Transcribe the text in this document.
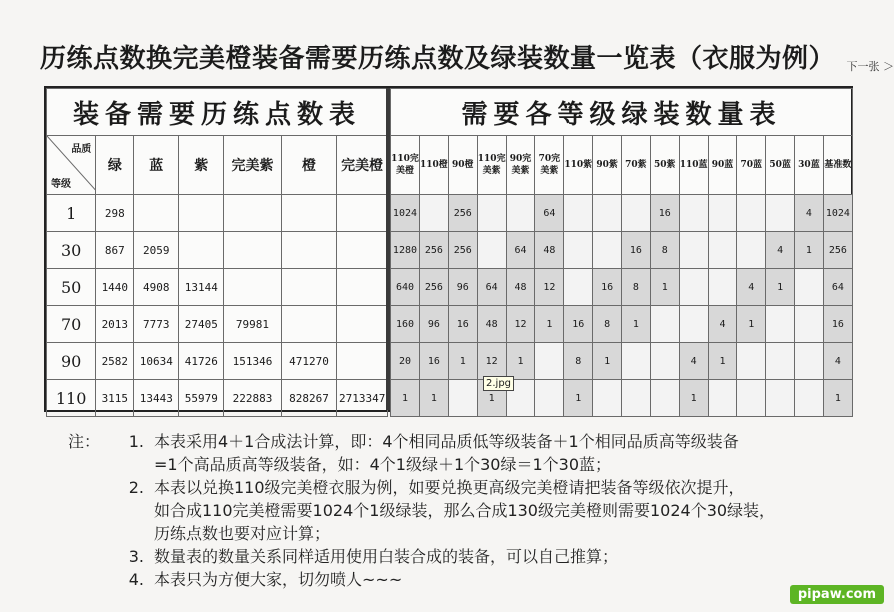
历练点数换完美橙装备需要历练点数及绿装数量一览表（衣服为例）	下一张 ＞
装备需要历练点数表						

品质
等级	绿	蓝	紫	完美紫	橙	完美橙
1	298					
30	867	2059				
50	1440	4908	13144			
70	2013	7773	27405	79981		
90	2582	10634	41726	151346	471270	
110	3115	13443	55979	222883	828267	2713347
需要各等级绿装数量表															
110完美橙	110橙	90橙	110完美紫	90完美紫	70完美紫	110紫	90紫	70紫	50紫	110蓝	90蓝	70蓝	50蓝	30蓝	基准数
1024		256			64				16					4	1024
1280	256	256		64	48			16	8				4	1	256
640	256	96	64	48	12		16	8	1			4	1		64
160	96	16	48	12	1	16	8	1			4	1			16
20	16	1	12	1		8	1			4	1				4
1	1		1			1				1					1
2.jpg
注：	1. 本表采用4＋1合成法计算，即：4个相同品质低等级装备＋1个相同品质高等级装备
=1个高品质高等级装备，如：4个1级绿＋1个30绿＝1个30蓝；
2. 本表以兑换110级完美橙衣服为例，如要兑换更高级完美橙请把装备等级依次提升，
如合成110完美橙需要1024个1级绿装，那么合成130级完美橙则需要1024个30绿装，
历练点数也要对应计算；
3. 数量表的数量关系同样适用使用白装合成的装备，可以自己推算；
4. 本表只为方便大家，切勿喷人~~~
pipaw.com
